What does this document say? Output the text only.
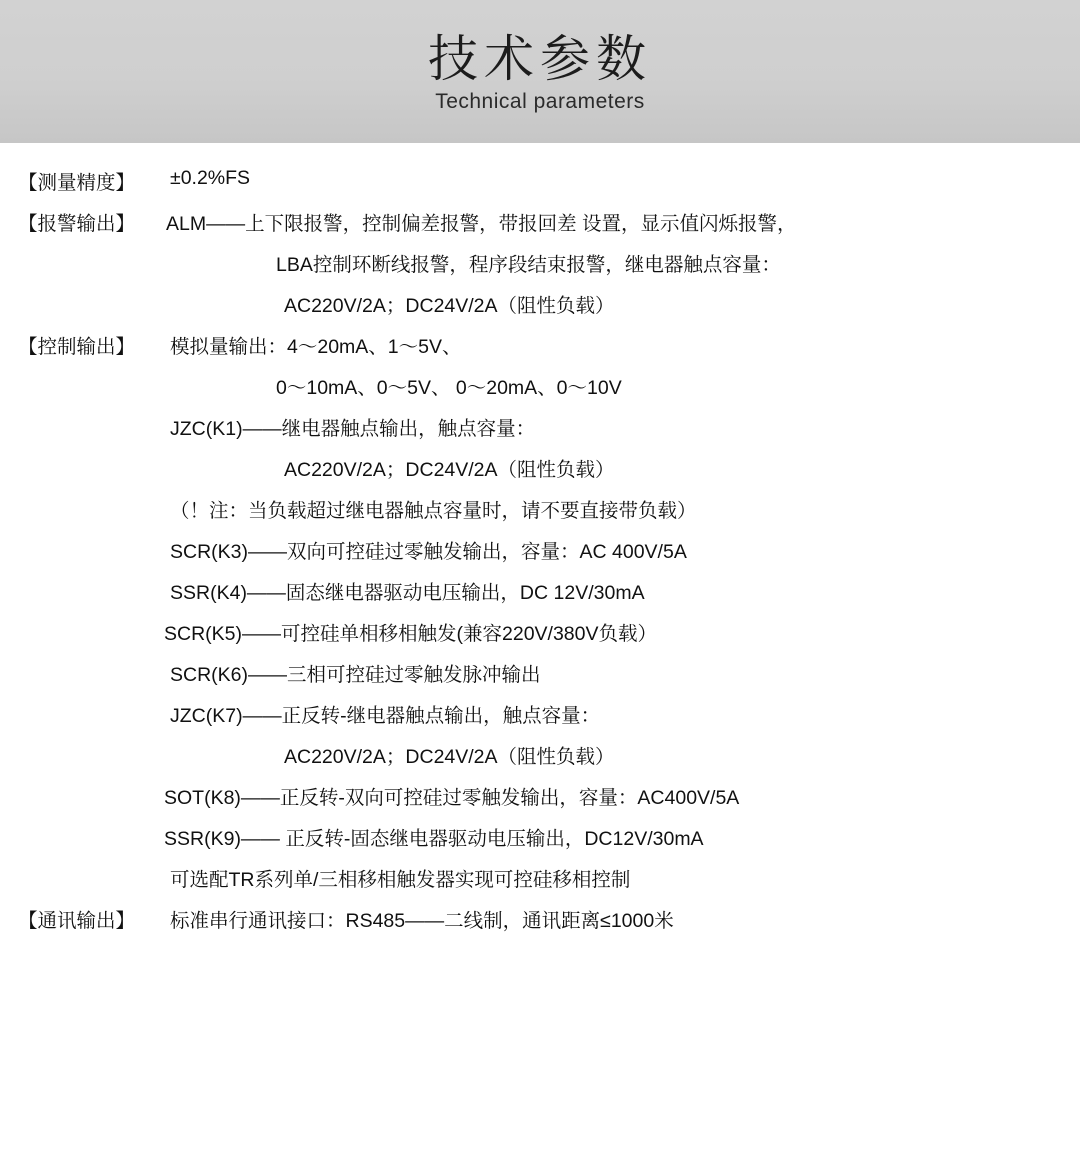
技术参数
Technical parameters
【测量精度】	±0.2%FS
【报警输出】	ALM——上下限报警，控制偏差报警，带报回差 设置，显示值闪烁报警，
LBA控制环断线报警，程序段结束报警，继电器触点容量：
AC220V/2A；DC24V/2A（阻性负载）
【控制输出】	模拟量输出：4～20mA、1～5V、
0～10mA、0～5V、 0～20mA、0～10V
JZC(K1)——继电器触点输出，触点容量：
AC220V/2A；DC24V/2A（阻性负载）
（！注：当负载超过继电器触点容量时，请不要直接带负载）
SCR(K3)——双向可控硅过零触发输出，容量：AC 400V/5A
SSR(K4)——固态继电器驱动电压输出，DC 12V/30mA
SCR(K5)——可控硅单相移相触发(兼容220V/380V负载）
SCR(K6)——三相可控硅过零触发脉冲输出
JZC(K7)——正反转-继电器触点输出，触点容量：
AC220V/2A；DC24V/2A（阻性负载）
SOT(K8)——正反转-双向可控硅过零触发输出，容量：AC400V/5A
SSR(K9)—— 正反转-固态继电器驱动电压输出，DC12V/30mA
可选配TR系列单/三相移相触发器实现可控硅移相控制
【通讯输出】	标准串行通讯接口：RS485——二线制，通讯距离≤1000米
